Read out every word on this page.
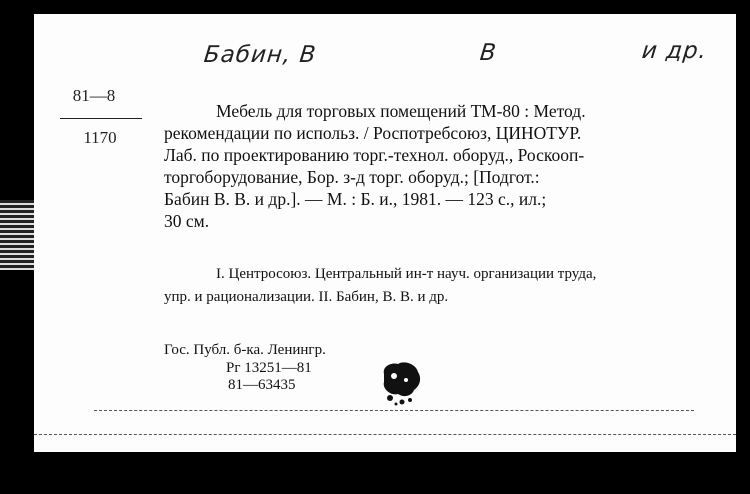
Бабин, В	В	и др.
81—8
1170
Мебель для торговых помещений ТМ-80 : Метод.
рекомендации по использ. / Роспотребсоюз, ЦИНОТУР.
Лаб. по проектированию торг.-технол. оборуд., Роскооп-
торгоборудование, Бор. з-д торг. оборуд.; [Подгот.:
Бабин В. В. и др.]. — М. : Б. и., 1981. — 123 с., ил.;
30 см.
I. Центросоюз. Центральный ин-т науч. организации труда,
упр. и рационализации. II. Бабин, В. В. и др.
Гос. Публ. б-ка. Ленингр.
Рг 13251—81
81—63435
